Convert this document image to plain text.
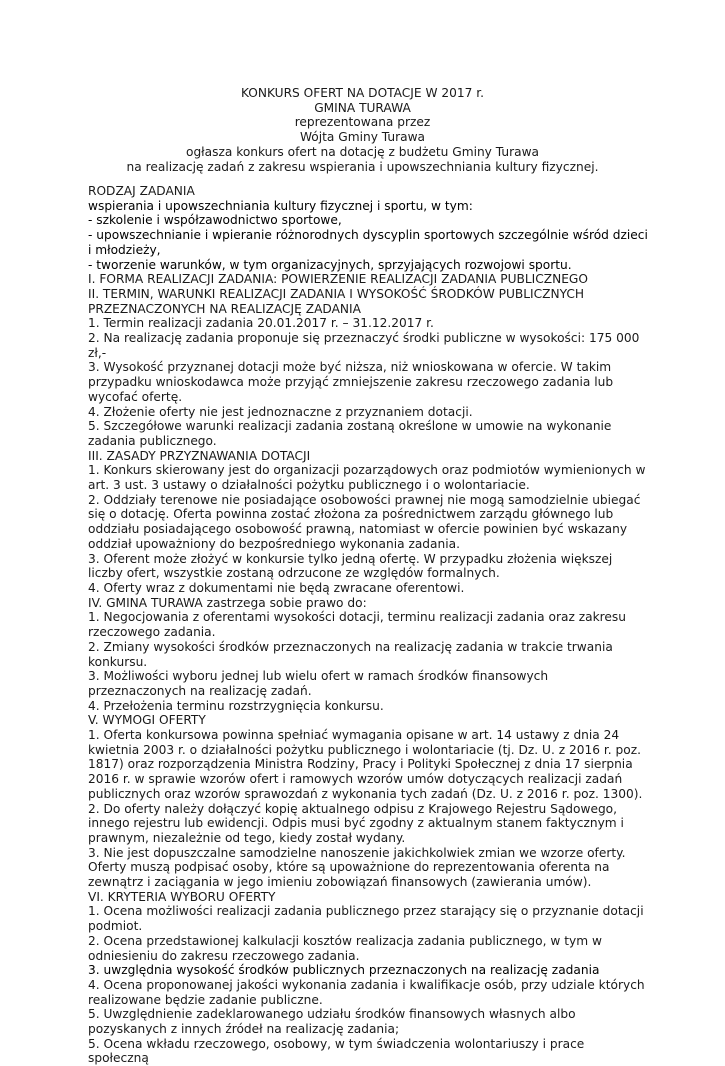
KONKURS OFERT NA DOTACJE W 2017 r.
GMINA TURAWA
reprezentowana przez
Wójta Gminy Turawa
ogłasza konkurs ofert na dotację z budżetu Gminy Turawa
na realizację zadań z zakresu wspierania i upowszechniania kultury fizycznej.

RODZAJ ZADANIA

wspierania i upowszechniania kultury fizycznej i sportu, w tym:

- szkolenie i współzawodnictwo sportowe,

- upowszechnianie i wpieranie różnorodnych dyscyplin sportowych szczególnie wśród dzieci i młodzieży,

- tworzenie warunków, w tym organizacyjnych, sprzyjających rozwojowi sportu.

I. FORMA REALIZACJI ZADANIA: POWIERZENIE REALIZACJI ZADANIA PUBLICZNEGO

II. TERMIN, WARUNKI REALIZACJI ZADANIA I WYSOKOŚĆ ŚRODKÓW PUBLICZNYCH PRZEZNACZONYCH NA REALIZACJĘ ZADANIA

1. Termin realizacji zadania 20.01.2017 r. – 31.12.2017 r.

2. Na realizację zadania proponuje się przeznaczyć środki publiczne w wysokości: 175 000 zł,-

3. Wysokość przyznanej dotacji może być niższa, niż wnioskowana w ofercie. W takim przypadku wnioskodawca może przyjąć zmniejszenie zakresu rzeczowego zadania lub wycofać ofertę.

4. Złożenie oferty nie jest jednoznaczne z przyznaniem dotacji.

5. Szczegółowe warunki realizacji zadania zostaną określone w umowie na wykonanie zadania publicznego.

III. ZASADY PRZYZNAWANIA DOTACJI

1. Konkurs skierowany jest do organizacji pozarządowych oraz podmiotów wymienionych w art. 3 ust. 3 ustawy o działalności pożytku publicznego i o wolontariacie.

2. Oddziały terenowe nie posiadające osobowości prawnej nie mogą samodzielnie ubiegać się o dotację. Oferta powinna zostać złożona za pośrednictwem zarządu głównego lub oddziału posiadającego osobowość prawną, natomiast w ofercie powinien być wskazany oddział upoważniony do bezpośredniego wykonania zadania.

3. Oferent może złożyć w konkursie tylko jedną ofertę. W przypadku złożenia większej liczby ofert, wszystkie zostaną odrzucone ze względów formalnych.

4. Oferty wraz z dokumentami nie będą zwracane oferentowi.

IV. GMINA TURAWA zastrzega sobie prawo do:

1. Negocjowania z oferentami wysokości dotacji, terminu realizacji zadania oraz zakresu rzeczowego zadania.

2. Zmiany wysokości środków przeznaczonych na realizację zadania w trakcie trwania konkursu.

3. Możliwości wyboru jednej lub wielu ofert w ramach środków finansowych przeznaczonych na realizację zadań.

4. Przełożenia terminu rozstrzygnięcia konkursu.

V. WYMOGI OFERTY

1. Oferta konkursowa powinna spełniać wymagania opisane w art. 14 ustawy z dnia 24 kwietnia 2003 r. o działalności pożytku publicznego i wolontariacie (tj. Dz. U. z 2016 r. poz. 1817) oraz rozporządzenia Ministra Rodziny, Pracy i Polityki Społecznej z dnia 17 sierpnia 2016 r. w sprawie wzorów ofert i ramowych wzorów umów dotyczących realizacji zadań publicznych oraz wzorów sprawozdań z wykonania tych zadań (Dz. U. z 2016 r. poz. 1300).

2. Do oferty należy dołączyć kopię aktualnego odpisu z Krajowego Rejestru Sądowego, innego rejestru lub ewidencji. Odpis musi być zgodny z aktualnym stanem faktycznym i prawnym, niezależnie od tego, kiedy został wydany.

3. Nie jest dopuszczalne samodzielne nanoszenie jakichkolwiek zmian we wzorze oferty. Oferty muszą podpisać osoby, które są upoważnione do reprezentowania oferenta na zewnątrz i zaciągania w jego imieniu zobowiązań finansowych (zawierania umów).

VI. KRYTERIA WYBORU OFERTY

1. Ocena możliwości realizacji zadania publicznego przez starający się o przyznanie dotacji podmiot.

2. Ocena przedstawionej kalkulacji kosztów realizacja zadania publicznego, w tym w odniesieniu do zakresu rzeczowego zadania.

3. uwzględnia wysokość środków publicznych przeznaczonych na realizację zadania

4. Ocena proponowanej jakości wykonania zadania i kwalifikacje osób, przy udziale których realizowane będzie zadanie publiczne.

5. Uwzględnienie zadeklarowanego udziału środków finansowych własnych albo pozyskanych z innych źródeł na realizację zadania;

5. Ocena wkładu rzeczowego, osobowy, w tym świadczenia wolontariuszy i prace społeczną
